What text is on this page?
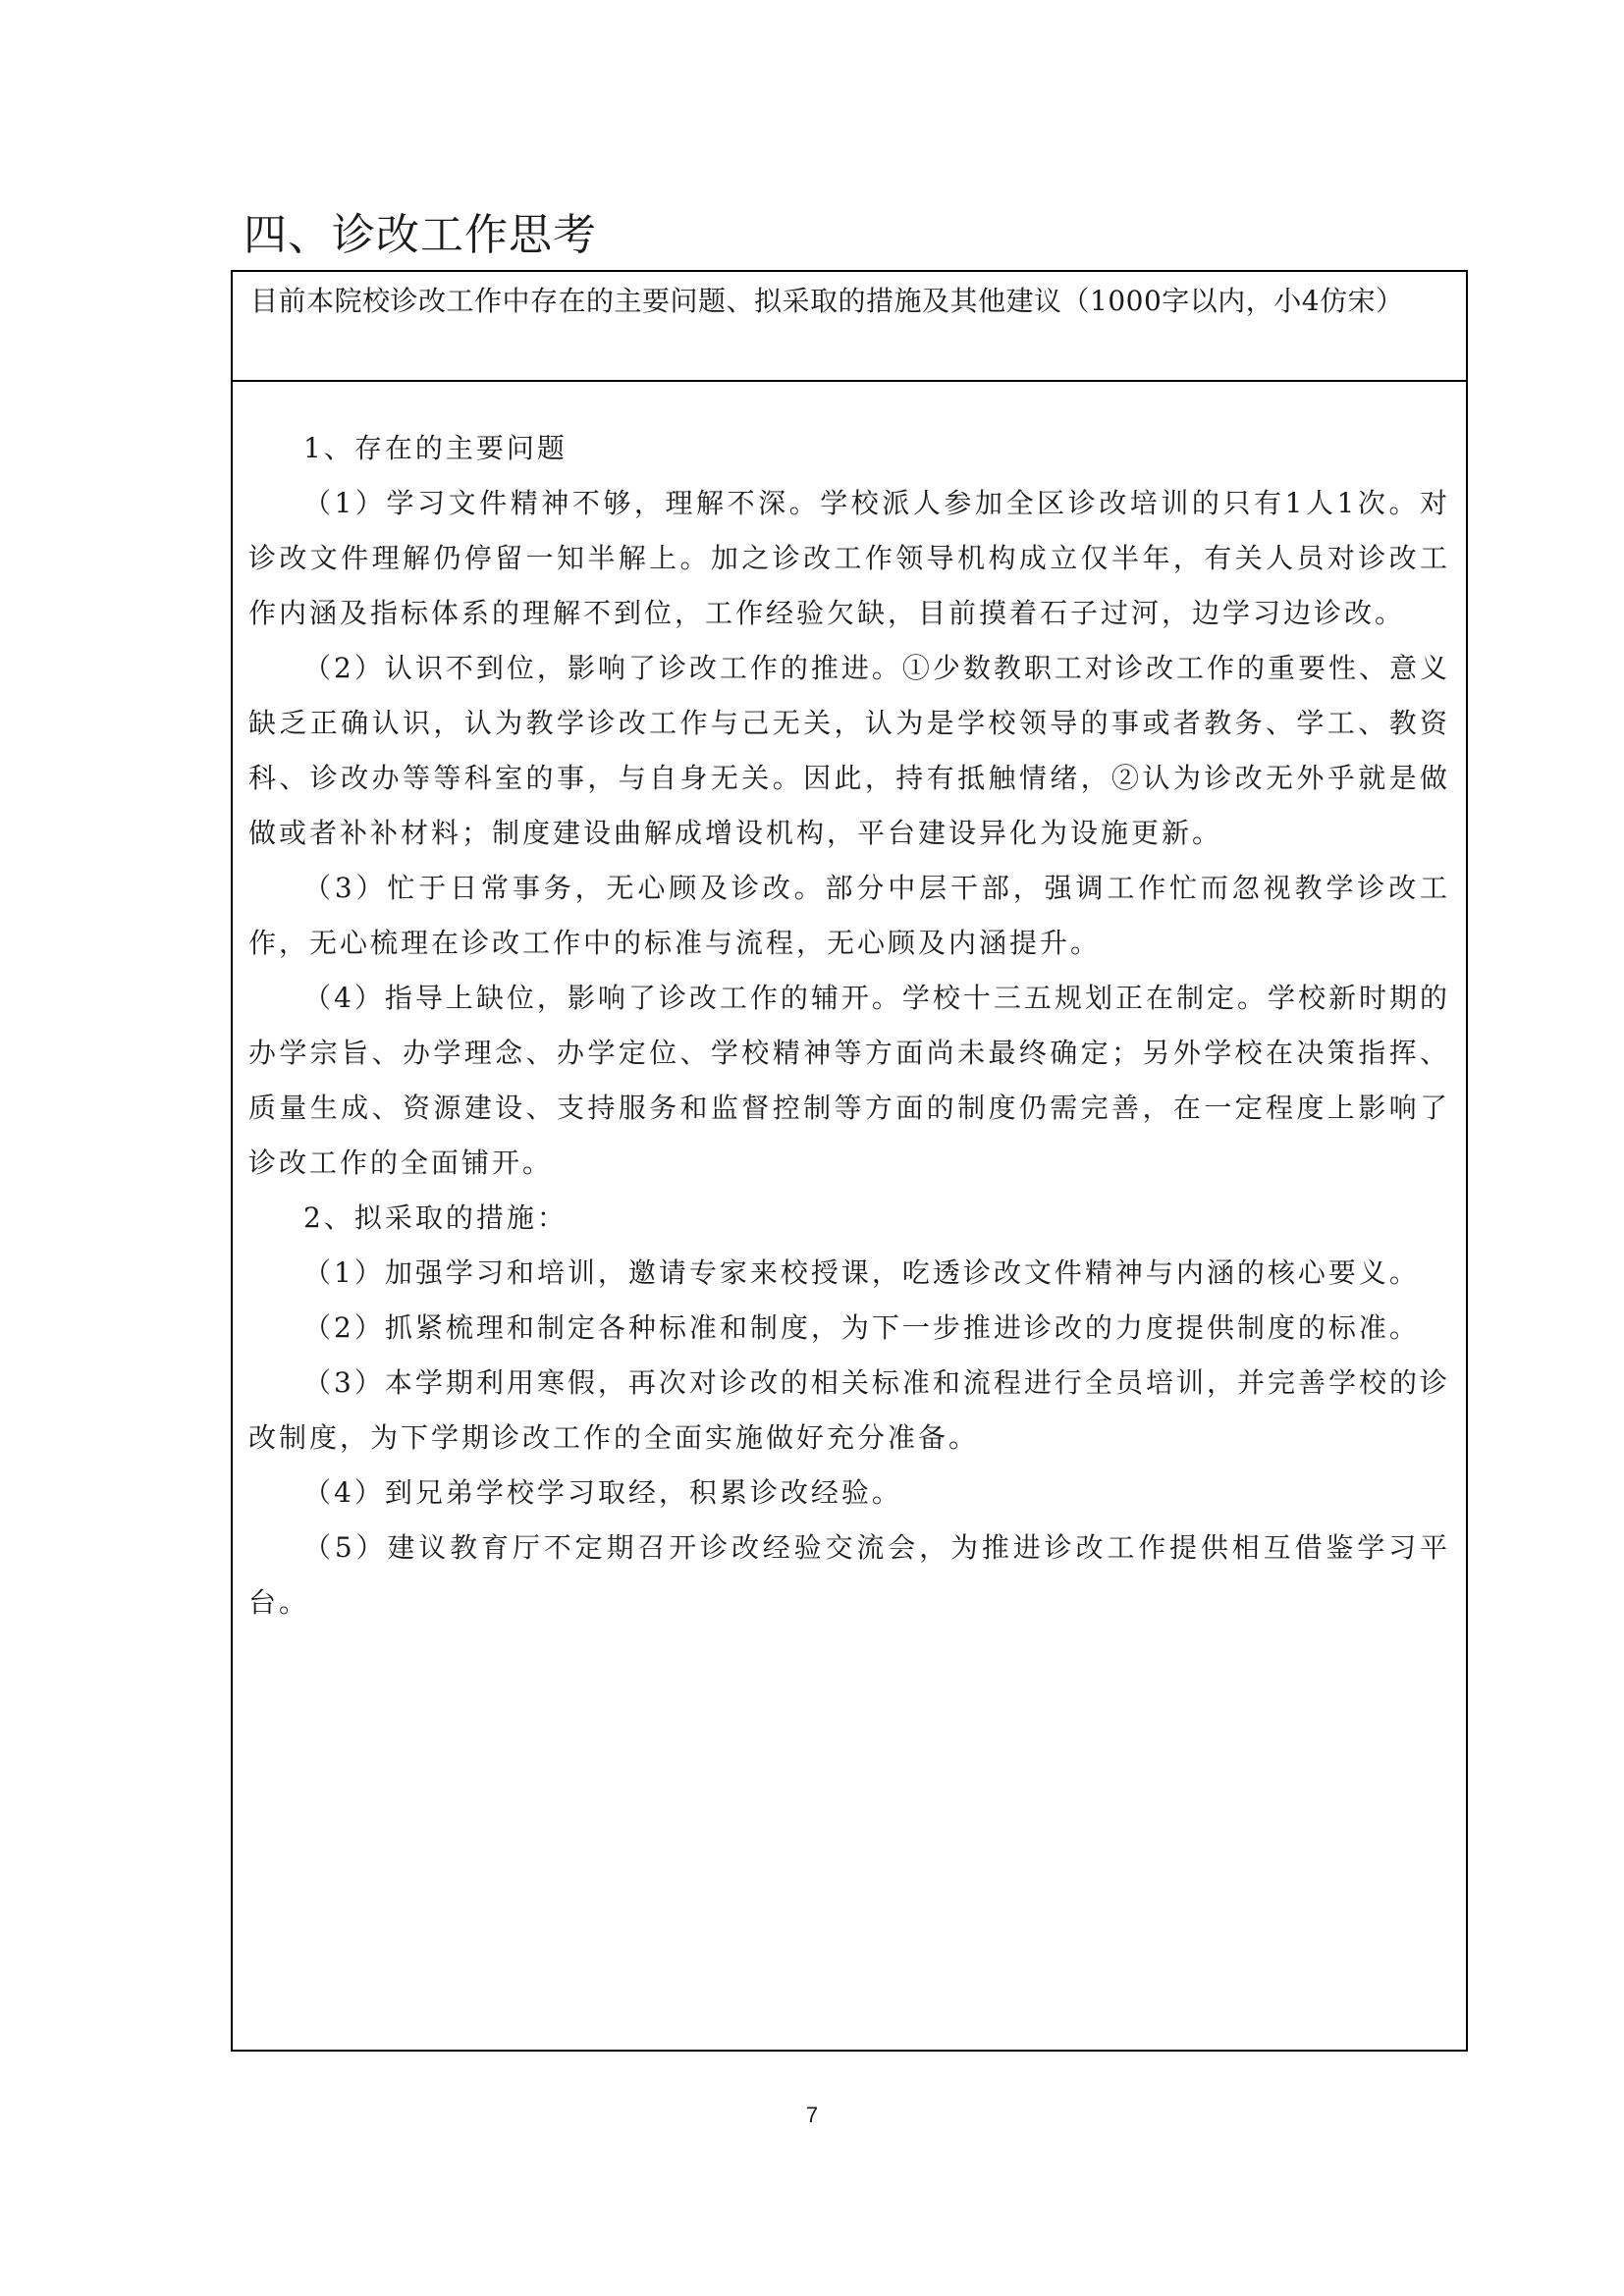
四、诊改工作思考
目前本院校诊改工作中存在的主要问题、拟采取的措施及其他建议（1000字以内，小4仿宋）

1、存在的主要问题

（1）学习文件精神不够，理解不深。学校派人参加全区诊改培训的只有1人1次。对诊改文件理解仍停留一知半解上。加之诊改工作领导机构成立仅半年，有关人员对诊改工作内涵及指标体系的理解不到位，工作经验欠缺，目前摸着石子过河，边学习边诊改。

（2）认识不到位，影响了诊改工作的推进。①少数教职工对诊改工作的重要性、意义缺乏正确认识，认为教学诊改工作与己无关，认为是学校领导的事或者教务、学工、教资科、诊改办等等科室的事，与自身无关。因此，持有抵触情绪，②认为诊改无外乎就是做做或者补补材料；制度建设曲解成增设机构，平台建设异化为设施更新。

（3）忙于日常事务，无心顾及诊改。部分中层干部，强调工作忙而忽视教学诊改工作，无心梳理在诊改工作中的标准与流程，无心顾及内涵提升。

（4）指导上缺位，影响了诊改工作的辅开。学校十三五规划正在制定。学校新时期的办学宗旨、办学理念、办学定位、学校精神等方面尚未最终确定；另外学校在决策指挥、质量生成、资源建设、支持服务和监督控制等方面的制度仍需完善，在一定程度上影响了诊改工作的全面铺开。

2、拟采取的措施：

（1）加强学习和培训，邀请专家来校授课，吃透诊改文件精神与内涵的核心要义。

（2）抓紧梳理和制定各种标准和制度，为下一步推进诊改的力度提供制度的标准。

（3）本学期利用寒假，再次对诊改的相关标准和流程进行全员培训，并完善学校的诊改制度，为下学期诊改工作的全面实施做好充分准备。

（4）到兄弟学校学习取经，积累诊改经验。

（5）建议教育厅不定期召开诊改经验交流会，为推进诊改工作提供相互借鉴学习平台。

7
